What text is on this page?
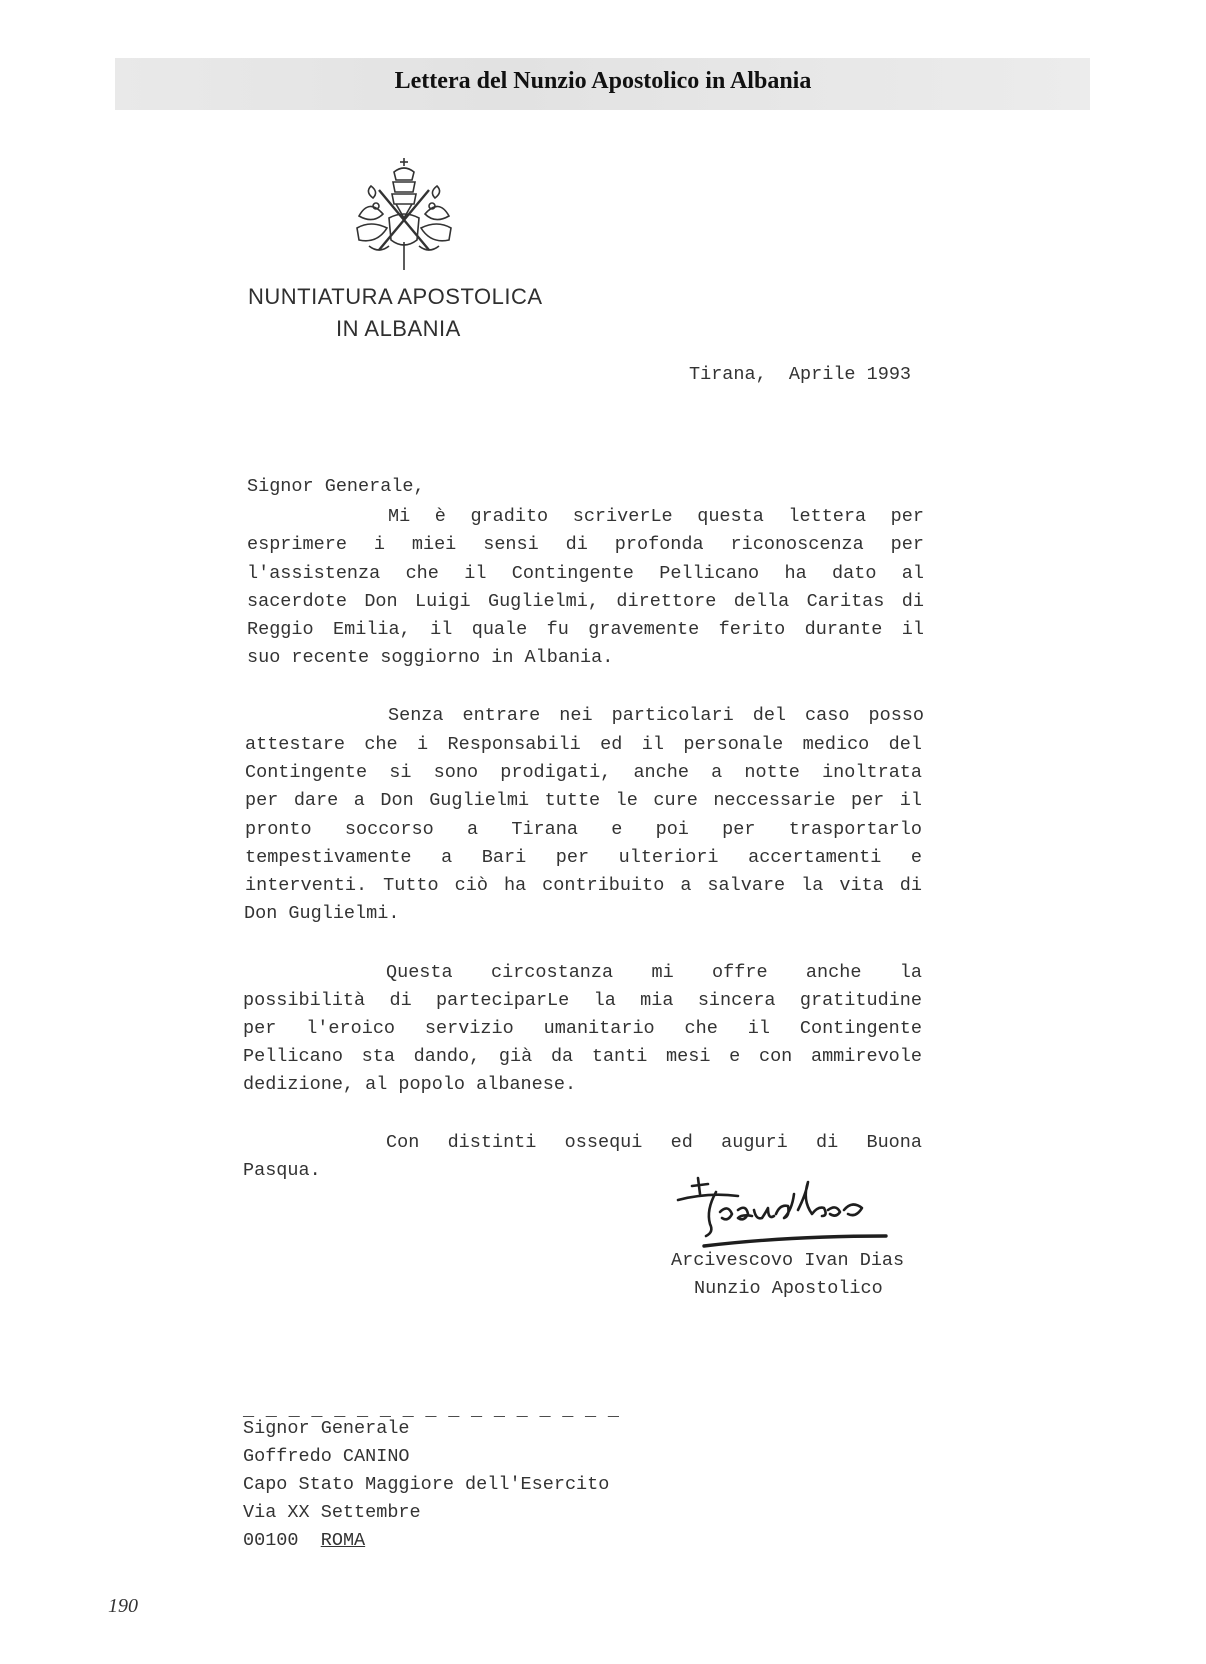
Lettera del Nunzio Apostolico in Albania
NUNTIATURA APOSTOLICA
IN ALBANIA
Tirana,  Aprile 1993
Signor Generale,
Mi è gradito scriverLe questa lettera per
esprimere i miei sensi di profonda riconoscenza per
l'assistenza che il Contingente Pellicano ha dato al
sacerdote Don Luigi Guglielmi, direttore della Caritas di
Reggio Emilia, il quale fu gravemente ferito durante il
suo recente soggiorno in Albania.
Senza entrare nei particolari del caso posso
attestare che i Responsabili ed il personale medico del
Contingente si sono prodigati, anche a notte inoltrata
per dare a Don Guglielmi tutte le cure neccessarie per il
pronto soccorso a Tirana e poi per trasportarlo
tempestivamente a Bari per ulteriori accertamenti e
interventi. Tutto ciò ha contribuito a salvare la vita di
Don Guglielmi.
Questa circostanza mi offre anche la
possibilità di parteciparLe la mia sincera gratitudine
per l'eroico servizio umanitario che il Contingente
Pellicano sta dando, già da tanti mesi e con ammirevole
dedizione, al popolo albanese.
Con distinti ossequi ed auguri di Buona
Pasqua.
Arcivescovo Ivan Dias
Nunzio Apostolico
_ _ _ _ _ _ _ _ _ _ _ _ _ _ _ _ _
Signor Generale
Goffredo CANINO
Capo Stato Maggiore dell'Esercito
Via XX Settembre
00100 ROMA
190
